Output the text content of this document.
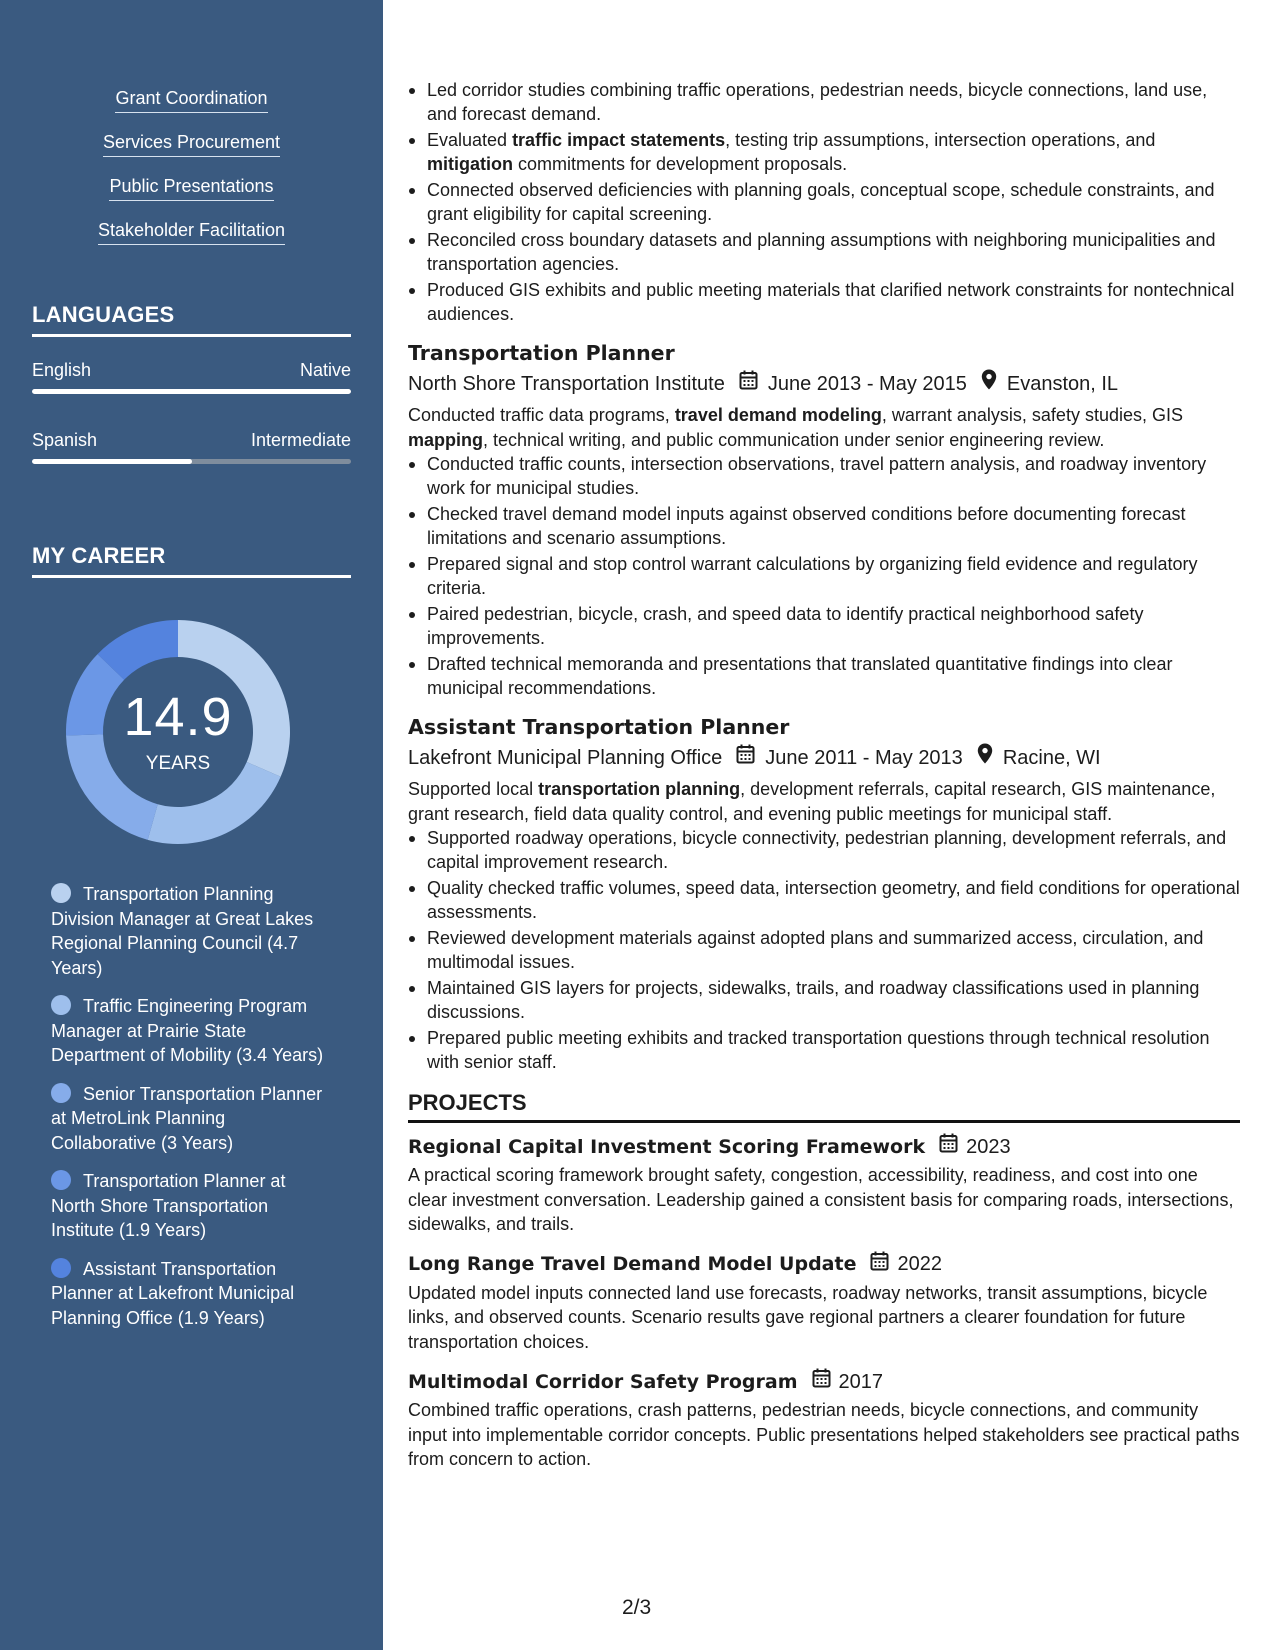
Grant Coordination
Services Procurement
Public Presentations
Stakeholder Facilitation
LANGUAGES
English	Native
Spanish	Intermediate
MY CAREER
14.9
YEARS
Transportation Planning Division Manager at Great Lakes Regional Planning Council (4.7 Years)
Traffic Engineering Program Manager at Prairie State Department of Mobility (3.4 Years)
Senior Transportation Planner at MetroLink Planning Collaborative (3 Years)
Transportation Planner at North Shore Transportation Institute (1.9 Years)
Assistant Transportation Planner at Lakefront Municipal Planning Office (1.9 Years)
Led corridor studies combining traffic operations, pedestrian needs, bicycle connections, land use, and forecast demand.
Evaluated traffic impact statements, testing trip assumptions, intersection operations, and mitigation commitments for development proposals.
Connected observed deficiencies with planning goals, conceptual scope, schedule constraints, and grant eligibility for capital screening.
Reconciled cross boundary datasets and planning assumptions with neighboring municipalities and transportation agencies.
Produced GIS exhibits and public meeting materials that clarified network constraints for nontechnical audiences.
Transportation Planner
North Shore Transportation Institute June 2013 - May 2015 Evanston, IL
Conducted traffic data programs, travel demand modeling, warrant analysis, safety studies, GIS mapping, technical writing, and public communication under senior engineering review.
Conducted traffic counts, intersection observations, travel pattern analysis, and roadway inventory work for municipal studies.
Checked travel demand model inputs against observed conditions before documenting forecast limitations and scenario assumptions.
Prepared signal and stop control warrant calculations by organizing field evidence and regulatory criteria.
Paired pedestrian, bicycle, crash, and speed data to identify practical neighborhood safety improvements.
Drafted technical memoranda and presentations that translated quantitative findings into clear municipal recommendations.
Assistant Transportation Planner
Lakefront Municipal Planning Office June 2011 - May 2013 Racine, WI
Supported local transportation planning, development referrals, capital research, GIS maintenance, grant research, field data quality control, and evening public meetings for municipal staff.
Supported roadway operations, bicycle connectivity, pedestrian planning, development referrals, and capital improvement research.
Quality checked traffic volumes, speed data, intersection geometry, and field conditions for operational assessments.
Reviewed development materials against adopted plans and summarized access, circulation, and multimodal issues.
Maintained GIS layers for projects, sidewalks, trails, and roadway classifications used in planning discussions.
Prepared public meeting exhibits and tracked transportation questions through technical resolution with senior staff.
PROJECTS
Regional Capital Investment Scoring Framework 2023
A practical scoring framework brought safety, congestion, accessibility, readiness, and cost into one clear investment conversation. Leadership gained a consistent basis for comparing roads, intersections, sidewalks, and trails.
Long Range Travel Demand Model Update 2022
Updated model inputs connected land use forecasts, roadway networks, transit assumptions, bicycle links, and observed counts. Scenario results gave regional partners a clearer foundation for future transportation choices.
Multimodal Corridor Safety Program 2017
Combined traffic operations, crash patterns, pedestrian needs, bicycle connections, and community input into implementable corridor concepts. Public presentations helped stakeholders see practical paths from concern to action.
2/3
